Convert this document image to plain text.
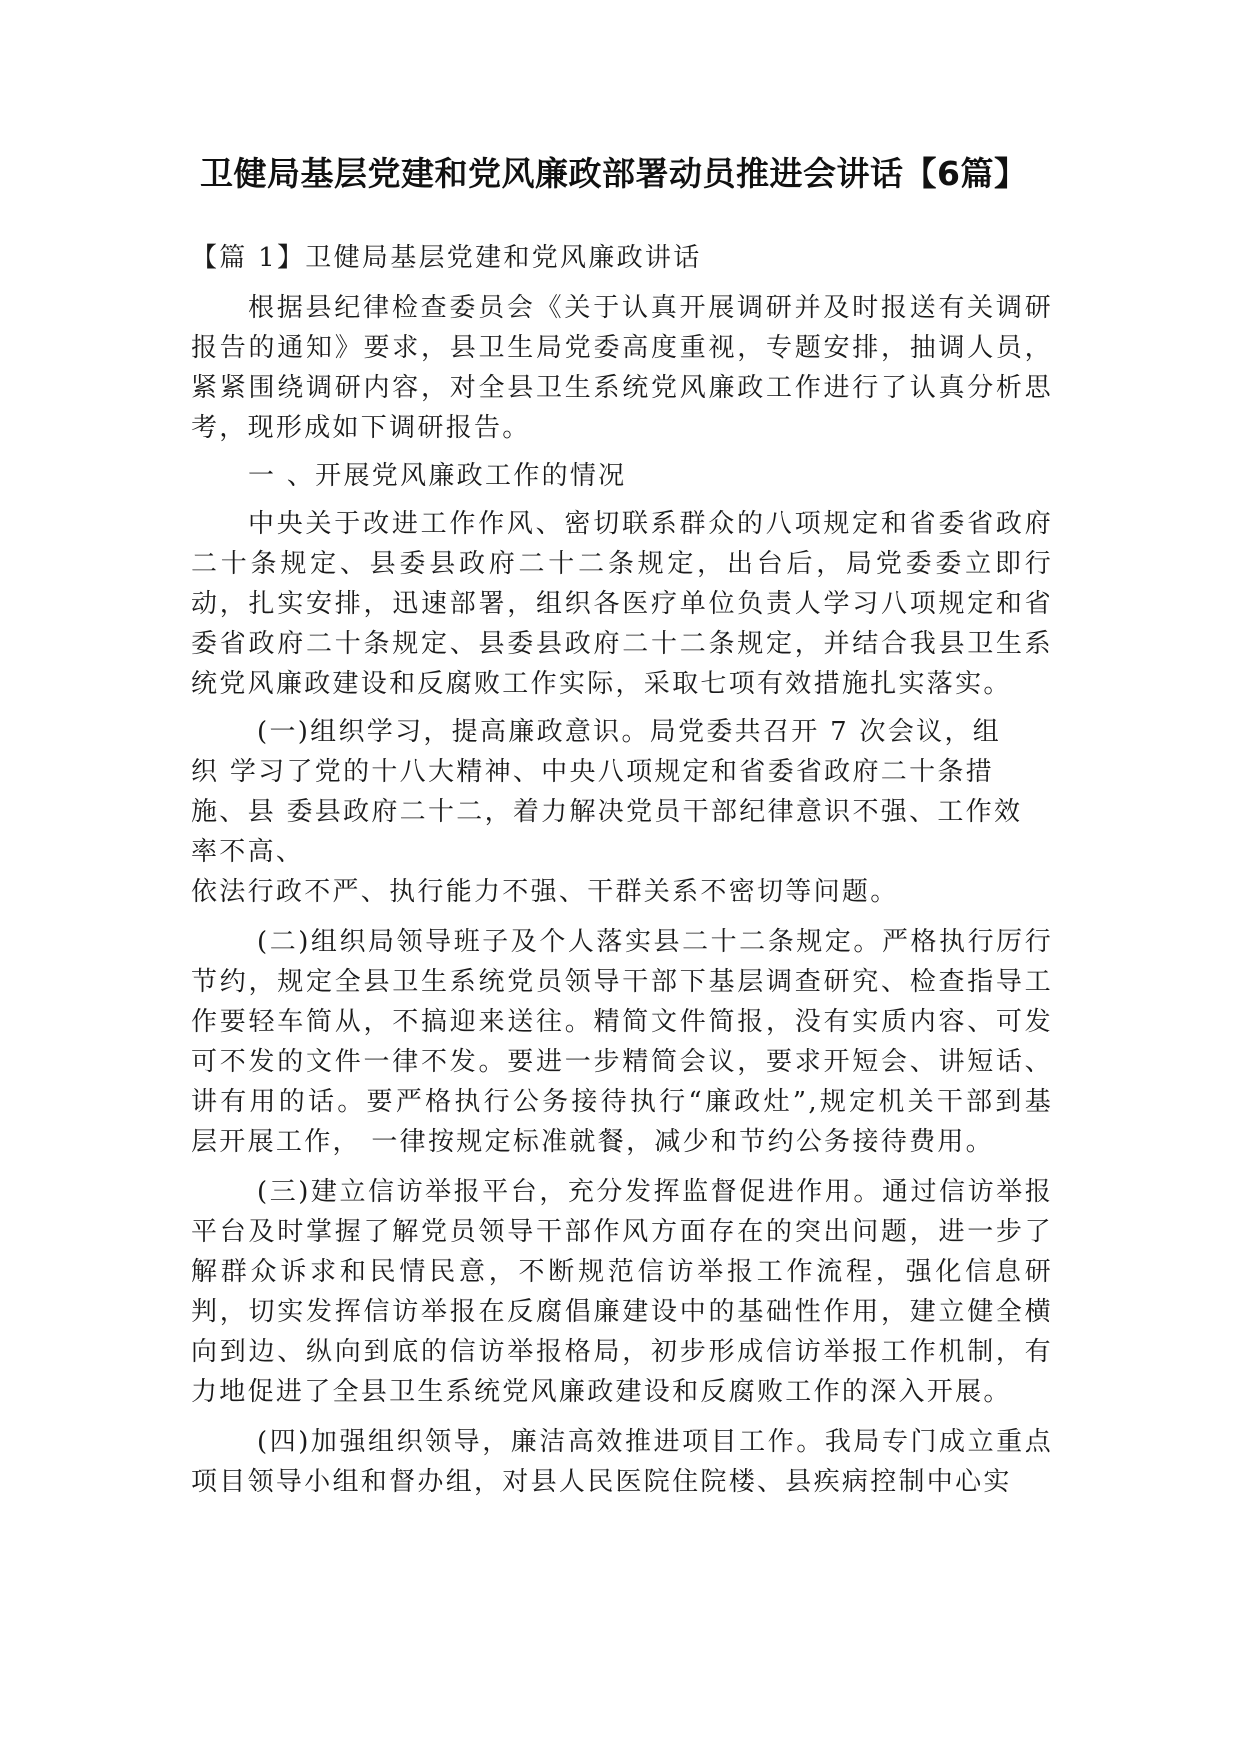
卫健局基层党建和党风廉政部署动员推进会讲话【6篇】

【篇 1】卫健局基层党建和党风廉政讲话

根据县纪律检查委员会《关于认真开展调研并及时报送有关调研报告的通知》要求，县卫生局党委高度重视，专题安排，抽调人员，紧紧围绕调研内容，对全县卫生系统党风廉政工作进行了认真分析思考，现形成如下调研报告。

一 、开展党风廉政工作的情况

中央关于改进工作作风、密切联系群众的八项规定和省委省政府二十条规定、县委县政府二十二条规定，出台后，局党委委立即行动，扎实安排，迅速部署，组织各医疗单位负责人学习八项规定和省委省政府二十条规定、县委县政府二十二条规定，并结合我县卫生系统党风廉政建设和反腐败工作实际，采取七项有效措施扎实落实。

(一)组织学习，提高廉政意识。局党委共召开 7 次会议，组
织 学习了党的十八大精神、中央八项规定和省委省政府二十条措
施、县 委县政府二十二，着力解决党员干部纪律意识不强、工作效
率不高、
依法行政不严、执行能力不强、干群关系不密切等问题。

(二)组织局领导班子及个人落实县二十二条规定。严格执行厉行节约，规定全县卫生系统党员领导干部下基层调查研究、检查指导工作要轻车简从，不搞迎来送往。精简文件简报，没有实质内容、可发可不发的文件一律不发。要进一步精简会议，要求开短会、讲短话、讲有用的话。要严格执行公务接待执行“廉政灶”,规定机关干部到基层开展工作， 一律按规定标准就餐，减少和节约公务接待费用。

(三)建立信访举报平台，充分发挥监督促进作用。通过信访举报平台及时掌握了解党员领导干部作风方面存在的突出问题，进一步了解群众诉求和民情民意，不断规范信访举报工作流程，强化信息研判，切实发挥信访举报在反腐倡廉建设中的基础性作用，建立健全横向到边、纵向到底的信访举报格局，初步形成信访举报工作机制，有力地促进了全县卫生系统党风廉政建设和反腐败工作的深入开展。

(四)加强组织领导，廉洁高效推进项目工作。我局专门成立重点项目领导小组和督办组，对县人民医院住院楼、县疾病控制中心实
